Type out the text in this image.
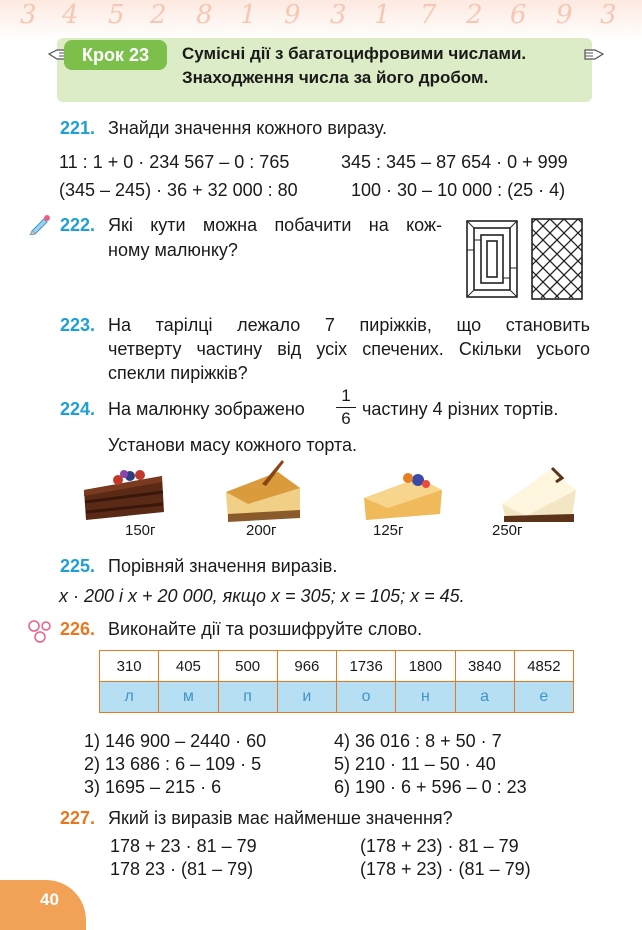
3 4 5 2 8 1 9 3 1 7 2 6 9 3
Крок 23	Сумісні дії з багатоцифровими числами.
Знаходження числа за його дробом.
221. Знайди значення кожного виразу.
11 : 1 + 0 · 234 567 – 0 : 765	345 : 345 – 87 654 · 0 + 999
(345 – 245) · 36 + 32 000 : 80	100 · 30 – 10 000 : (25 · 4)
222. Які кути можна побачити на кож-
ному малюнку?
223. На тарілці лежало 7 пиріжків, що становить
четверту частину від усіх спечених. Скільки усього
спекли пиріжків?
224. На малюнку зображено
1
6 частину 4 різних тортів.
Установи масу кожного торта.
150г	200г	125г	250г
225. Порівняй значення виразів.
x · 200 і x + 20 000, якщо x = 305; x = 105; x = 45.
226. Виконайте дії та розшифруйте слово.
310	405	500	966	1736	1800	3840	4852
л	м	п	и	о	н	а	е
1) 146 900 – 2440 · 60
2) 13 686 : 6 – 109 · 5
3) 1695 – 215 · 6
4) 36 016 : 8 + 50 · 7
5) 210 · 11 – 50 · 40
6) 190 · 6 + 596 – 0 : 23
227. Який із виразів має найменше значення?
178 + 23 · 81 – 79	(178 + 23) · 81 – 79
178 23 · (81 – 79)	(178 + 23) · (81 – 79)
40
